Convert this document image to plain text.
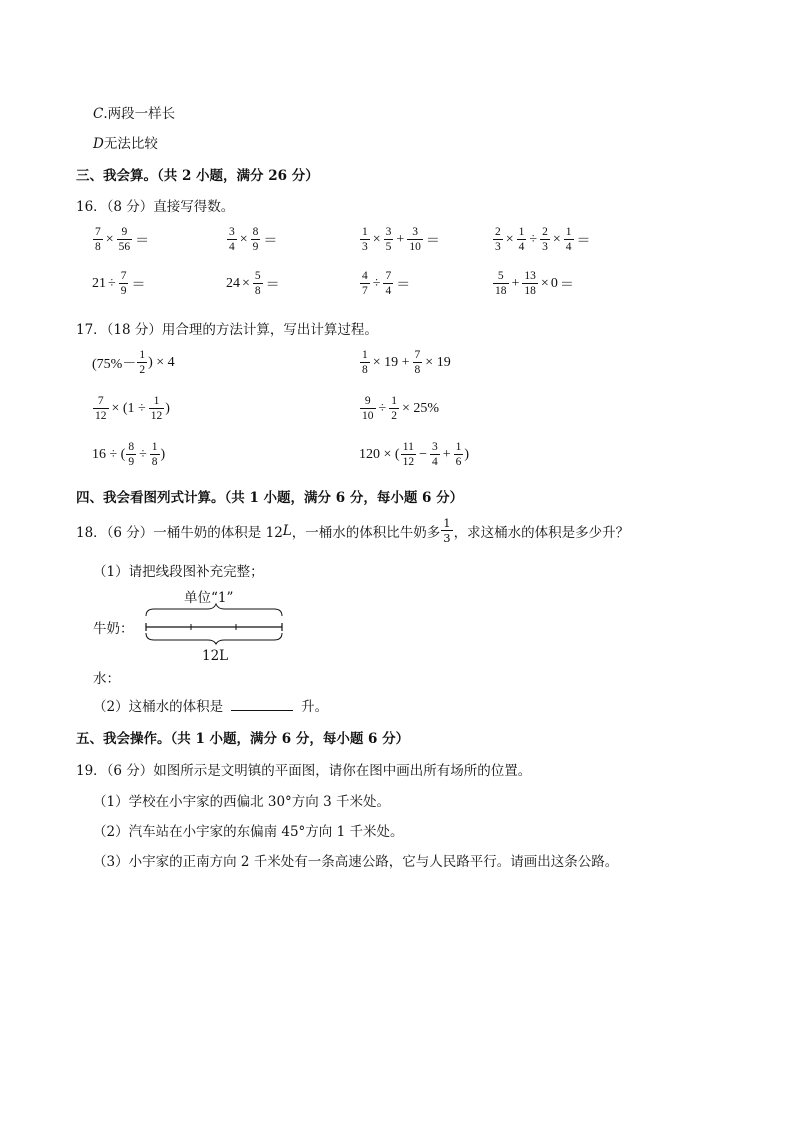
C.两段一样长
D无法比较
三、我会算。（共 2 小题，满分 26 分）
16．（8 分）直接写得数。
$\frac{7}{8} \times \frac{9}{56}$ ＝	$\frac{3}{4} \times \frac{8}{9}$ ＝	$\frac{1}{3} \times \frac{3}{5} + \frac{3}{10}$ ＝	$\frac{2}{3} \times \frac{1}{4} \div \frac{2}{3} \times \frac{1}{4}$ ＝
$21 \div \frac{7}{9}$ ＝	$24 \times \frac{5}{8}$ ＝	$\frac{4}{7} \div \frac{7}{4}$ ＝	$\frac{5}{18} + \frac{13}{18} \times 0$ ＝
17．（18 分）用合理的方法计算，写出计算过程。
($75\%- \frac{1}{2}$ ) × 4	$\frac{1}{8} \times 19 + \frac{7}{8} \times 19$
$\frac{7}{12} \times (1 \div \frac{1}{12}$ )	$\frac{9}{10} \div \frac{1}{2} \times 25\%$
16 ÷ ( $\frac{8}{9} \div \frac{1}{8}$ )	120 × ( $\frac{11}{12} - \frac{3}{4} + \frac{1}{6}$ )
四、我会看图列式计算。（共 1 小题，满分 6 分，每小题 6 分）
18．（6 分）一桶牛奶的体积是 12 L ，一桶水的体积比牛奶多 $\frac{1}{3}$ ，求这桶水的体积是多少升？
（1）请把线段图补充完整；
单位“1”
牛奶：
12L
水：
（2）这桶水的体积是	升。
五、我会操作。（共 1 小题，满分 6 分，每小题 6 分）
19．（6 分）如图所示是文明镇的平面图，请你在图中画出所有场所的位置。
（1）学校在小宇家的西偏北 30°方向 3 千米处。
（2）汽车站在小宇家的东偏南 45°方向 1 千米处。
（3）小宇家的正南方向 2 千米处有一条高速公路，它与人民路平行。请画出这条公路。
